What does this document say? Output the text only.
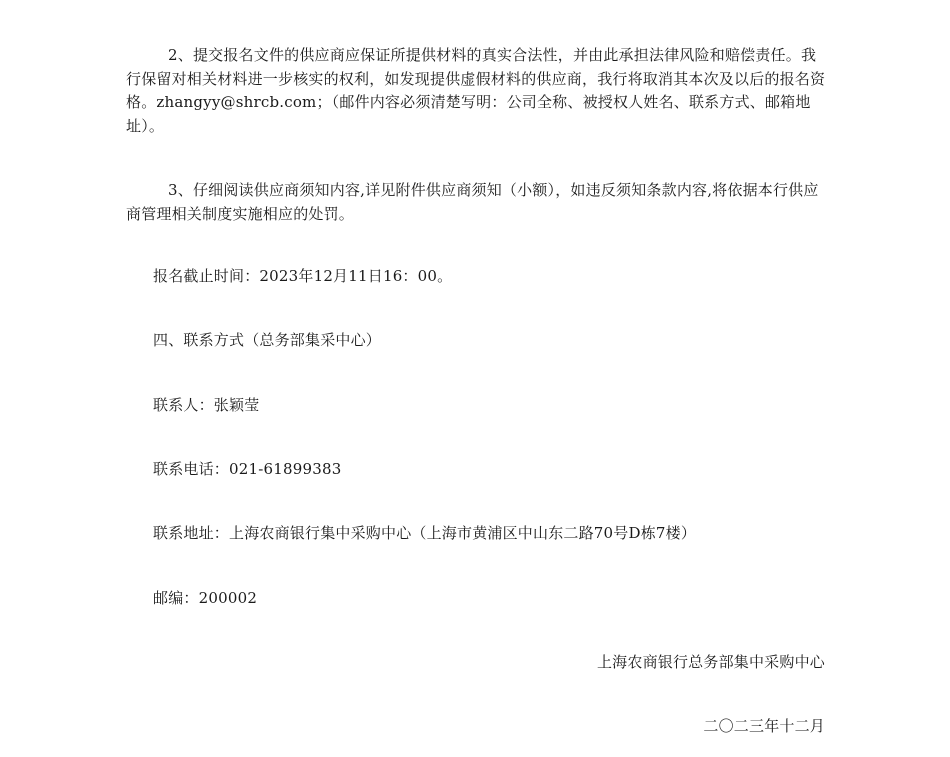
2、提交报名文件的供应商应保证所提供材料的真实合法性，并由此承担法律风险和赔偿责任。我行保留对相关材料进一步核实的权利，如发现提供虚假材料的供应商，我行将取消其本次及以后的报名资格。zhangyy@shrcb.com；（邮件内容必须清楚写明：公司全称、被授权人姓名、联系方式、邮箱地址）。

3、仔细阅读供应商须知内容,详见附件供应商须知（小额），如违反须知条款内容,将依据本行供应商管理相关制度实施相应的处罚。

报名截止时间：2023年12月11日16：00。

四、联系方式（总务部集采中心）

联系人：张颖莹

联系电话：021-61899383

联系地址：上海农商银行集中采购中心（上海市黄浦区中山东二路70号D栋7楼）

邮编：200002

上海农商银行总务部集中采购中心

二〇二三年十二月
